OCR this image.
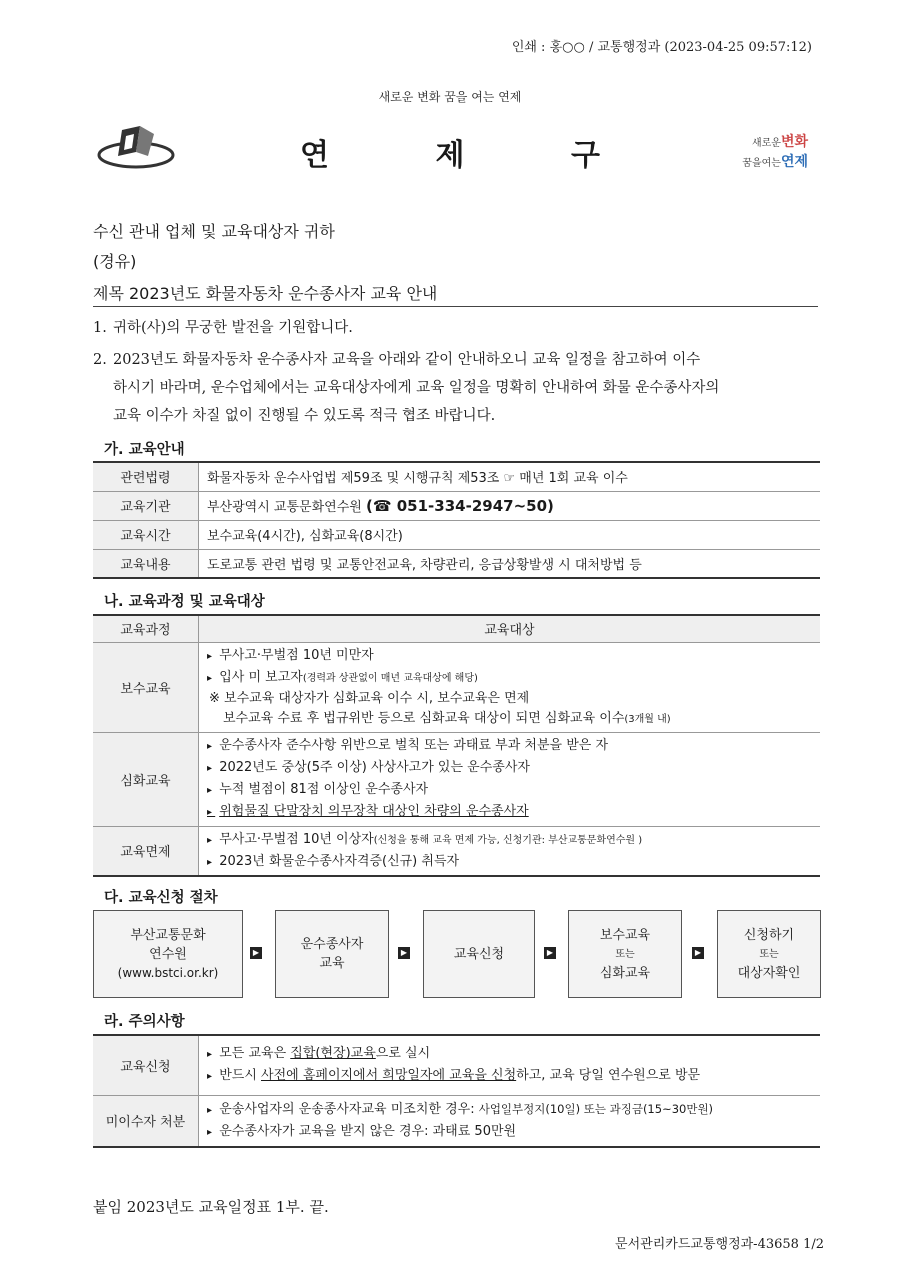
인쇄 : 홍○○ / 교통행정과 (2023-04-25 09:57:12)
새로운 변화 꿈을 여는 연제
연	제	구	새로운변화
꿈을여는연제
수신 관내 업체 및 교육대상자 귀하
(경유)
제목 2023년도 화물자동차 운수종사자 교육 안내
1. 귀하(사)의 무궁한 발전을 기원합니다.
2. 2023년도 화물자동차 운수종사자 교육을 아래와 같이 안내하오니 교육 일정을 참고하여 이수
하시기 바라며, 운수업체에서는 교육대상자에게 교육 일정을 명확히 안내하여 화물 운수종사자의
교육 이수가 차질 없이 진행될 수 있도록 적극 협조 바랍니다.
가. 교육안내
관련법령	화물자동차 운수사업법 제59조 및 시행규칙 제53조 ☞ 매년 1회 교육 이수
교육기관	부산광역시 교통문화연수원 (☎ 051-334-2947~50)
교육시간	보수교육(4시간), 심화교육(8시간)
교육내용	도로교통 관련 법령 및 교통안전교육, 차량관리, 응급상황발생 시 대처방법 등
나. 교육과정 및 교육대상
교육과정	교육대상
보수교육	▸ 무사고·무벌점 10년 미만자
▸ 입사 미 보고자(경력과 상관없이 매년 교육대상에 해당)
※ 보수교육 대상자가 심화교육 이수 시, 보수교육은 면제
보수교육 수료 후 법규위반 등으로 심화교육 대상이 되면 심화교육 이수(3개월 내)

심화교육	▸ 운수종사자 준수사항 위반으로 벌칙 또는 과태료 부과 처분을 받은 자
▸ 2022년도 중상(5주 이상) 사상사고가 있는 운수종사자
▸ 누적 벌점이 81점 이상인 운수종사자
▸ 위험물질 단말장치 의무장착 대상인 차량의 운수종사자

교육면제	▸ 무사고·무벌점 10년 이상자(신청을 통해 교육 면제 가능, 신청기관: 부산교통문화연수원 )
▸ 2023년 화물운수종사자격증(신규) 취득자
다. 교육신청 절차
부산교통문화
연수원
(www.bstci.or.kr)
▶
운수종사자
교육
▶	교육신청	▶
보수교육
또는
심화교육
▶
신청하기
또는
대상자확인
라. 주의사항
교육신청	▸ 모든 교육은 집합(현장)교육으로 실시
▸ 반드시 사전에 홈페이지에서 희망일자에 교육을 신청하고, 교육 당일 연수원으로 방문

미이수자 처분	▸ 운송사업자의 운송종사자교육 미조치한 경우: 사업일부정지(10일) 또는 과징금(15~30만원)
▸ 운수종사자가 교육을 받지 않은 경우: 과태료 50만원
붙임 2023년도 교육일정표 1부. 끝.
문서관리카드교통행정과-43658 1/2
